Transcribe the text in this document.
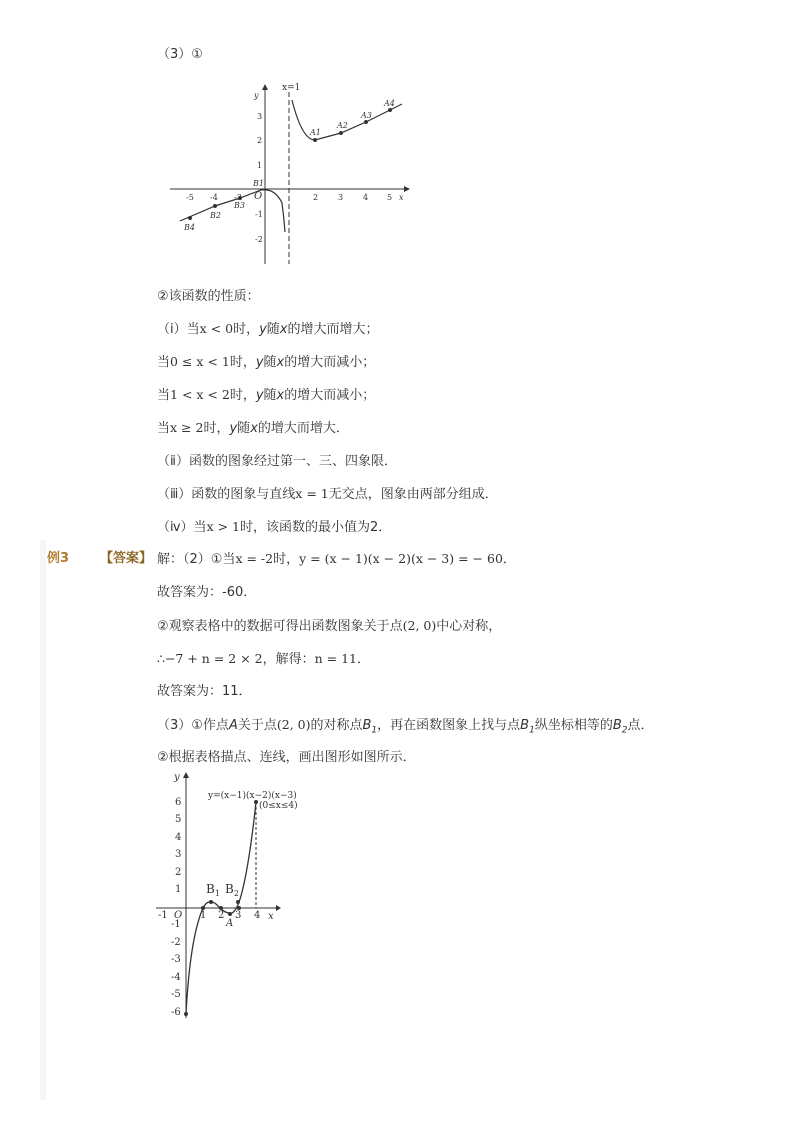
（3）①
y
x
x=1
O
-5 -4 -3	2 3 4 5
3
2
1
-1
-2
A1
A2
A3
A4
B1
B2
B3
B4
②该函数的性质：
（ⅰ）当x < 0时，y随x的增大而增大；
当0 ≤ x < 1时，y随x的增大而减小；
当1 < x < 2时，y随x的增大而减小；
当x ≥ 2时，y随x的增大而增大．
（ⅱ）函数的图象经过第一、三、四象限．
（ⅲ）函数的图象与直线x = 1无交点，图象由两部分组成．
（ⅳ）当x > 1时，该函数的最小值为2．
例3 【答案】 解：（2）①当x = -2时，y = (x − 1)(x − 2)(x − 3) = − 60．
故答案为：-60．
②观察表格中的数据可得出函数图象关于点(2, 0)中心对称，
∴−7 + n = 2 × 2，解得：n = 11．
故答案为：11．
（3）①作点A关于点(2, 0)的对称点$B_1$，再在函数图象上找与点$B_1$纵坐标相等的$B_2$点．
②根据表格描点、连线，画出图形如图所示．
y
x
O
y=(x−1)(x−2)(x−3)
(0≤x≤4)
6
5
4
3
2
1
-1
-2
-3
-4
-5
-6
-1	1 2 3 4
$B_1$ $B_2$
A
